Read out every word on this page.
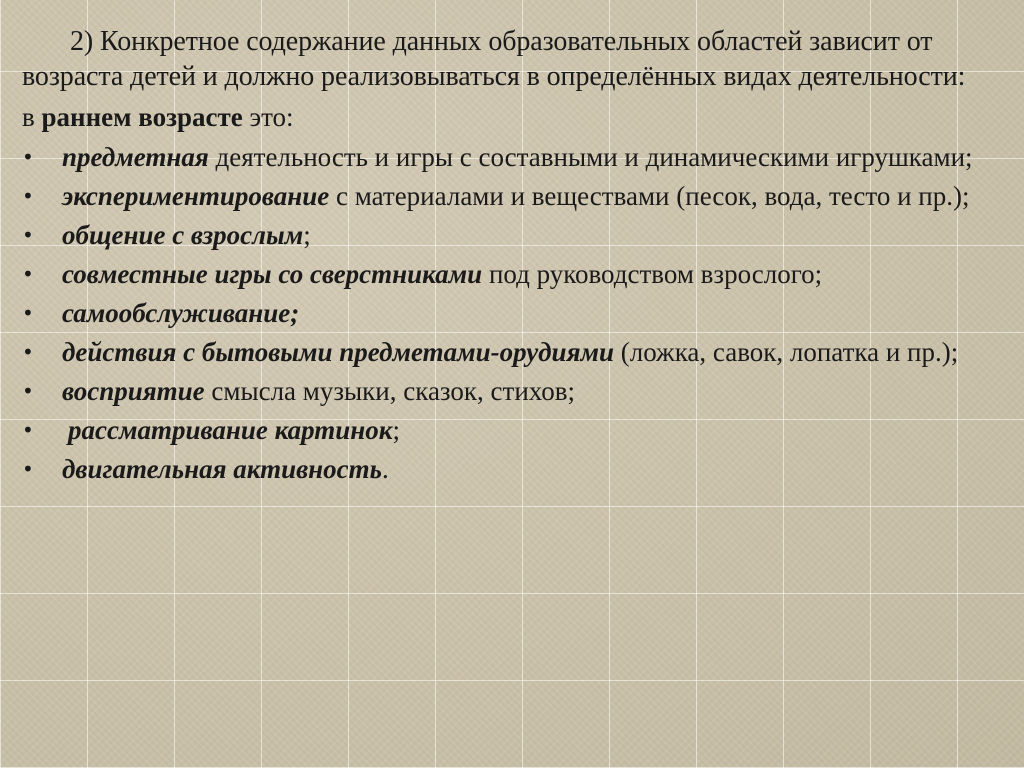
2) Конкретное содержание данных образовательных областей зависит от возраста детей и должно реализовываться в определённых видах деятельности:

в раннем возрасте это:

•	предметная деятельность и игры с составными и динамическими игрушками;
•	экспериментирование с материалами и веществами (песок, вода, тесто и пр.);
•	общение с взрослым;
•	совместные игры со сверстниками под руководством взрослого;
•	самообслуживание;
•	действия с бытовыми предметами-орудиями (ложка, савок, лопатка и пр.);
•	восприятие смысла музыки, сказок, стихов;
•	рассматривание картинок;
•	двигательная активность.
